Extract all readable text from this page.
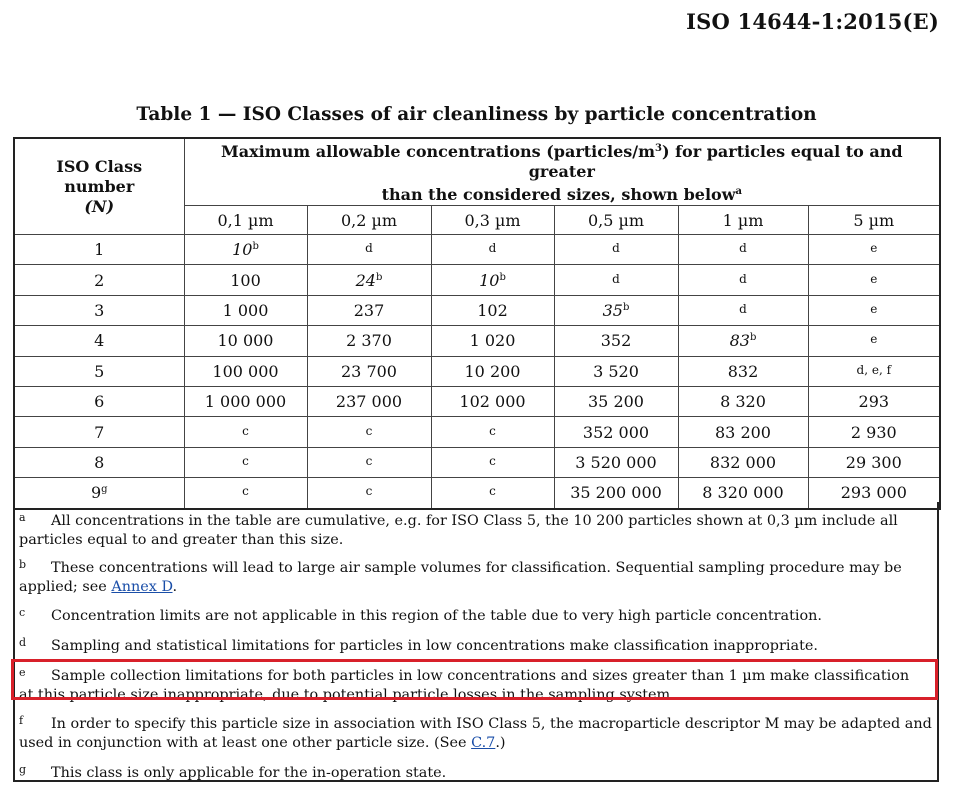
ISO 14644-1:2015(E)
Table 1 — ISO Classes of air cleanliness by particle concentration
ISO Class number
(N)	Maximum allowable concentrations $(particles/m^3)$ for particles equal to and greater
than the considered sizes, shown below$^a$
	0,1 µm	0,2 µm	0,3 µm	0,5 µm	1 µm	5 µm
1	10$^b$	d	d	d	d	e
2	100	24$^b$	10$^b$	d	d	e
3	1 000	237	102	35$^b$	d	e
4	10 000	2 370	1 020	352	83$^b$	e
5	100 000	23 700	10 200	3 520	832	d, e, f
6	1 000 000	237 000	102 000	35 200	8 320	293
7	c	c	c	352 000	83 200	2 930
8	c	c	c	3 520 000	832 000	29 300
9$^g$	c	c	c	35 200 000	8 320 000	293 000
a All concentrations in the table are cumulative, e.g. for ISO Class 5, the 10 200 particles shown at 0,3 µm include all
particles equal to and greater than this size.
b These concentrations will lead to large air sample volumes for classification. Sequential sampling procedure may be
applied; see Annex D.
c Concentration limits are not applicable in this region of the table due to very high particle concentration.
d Sampling and statistical limitations for particles in low concentrations make classification inappropriate.
e Sample collection limitations for both particles in low concentrations and sizes greater than 1 µm make classification
at this particle size inappropriate, due to potential particle losses in the sampling system.
f In order to specify this particle size in association with ISO Class 5, the macroparticle descriptor M may be adapted and
used in conjunction with at least one other particle size. (See C.7.)
g This class is only applicable for the in-operation state.
